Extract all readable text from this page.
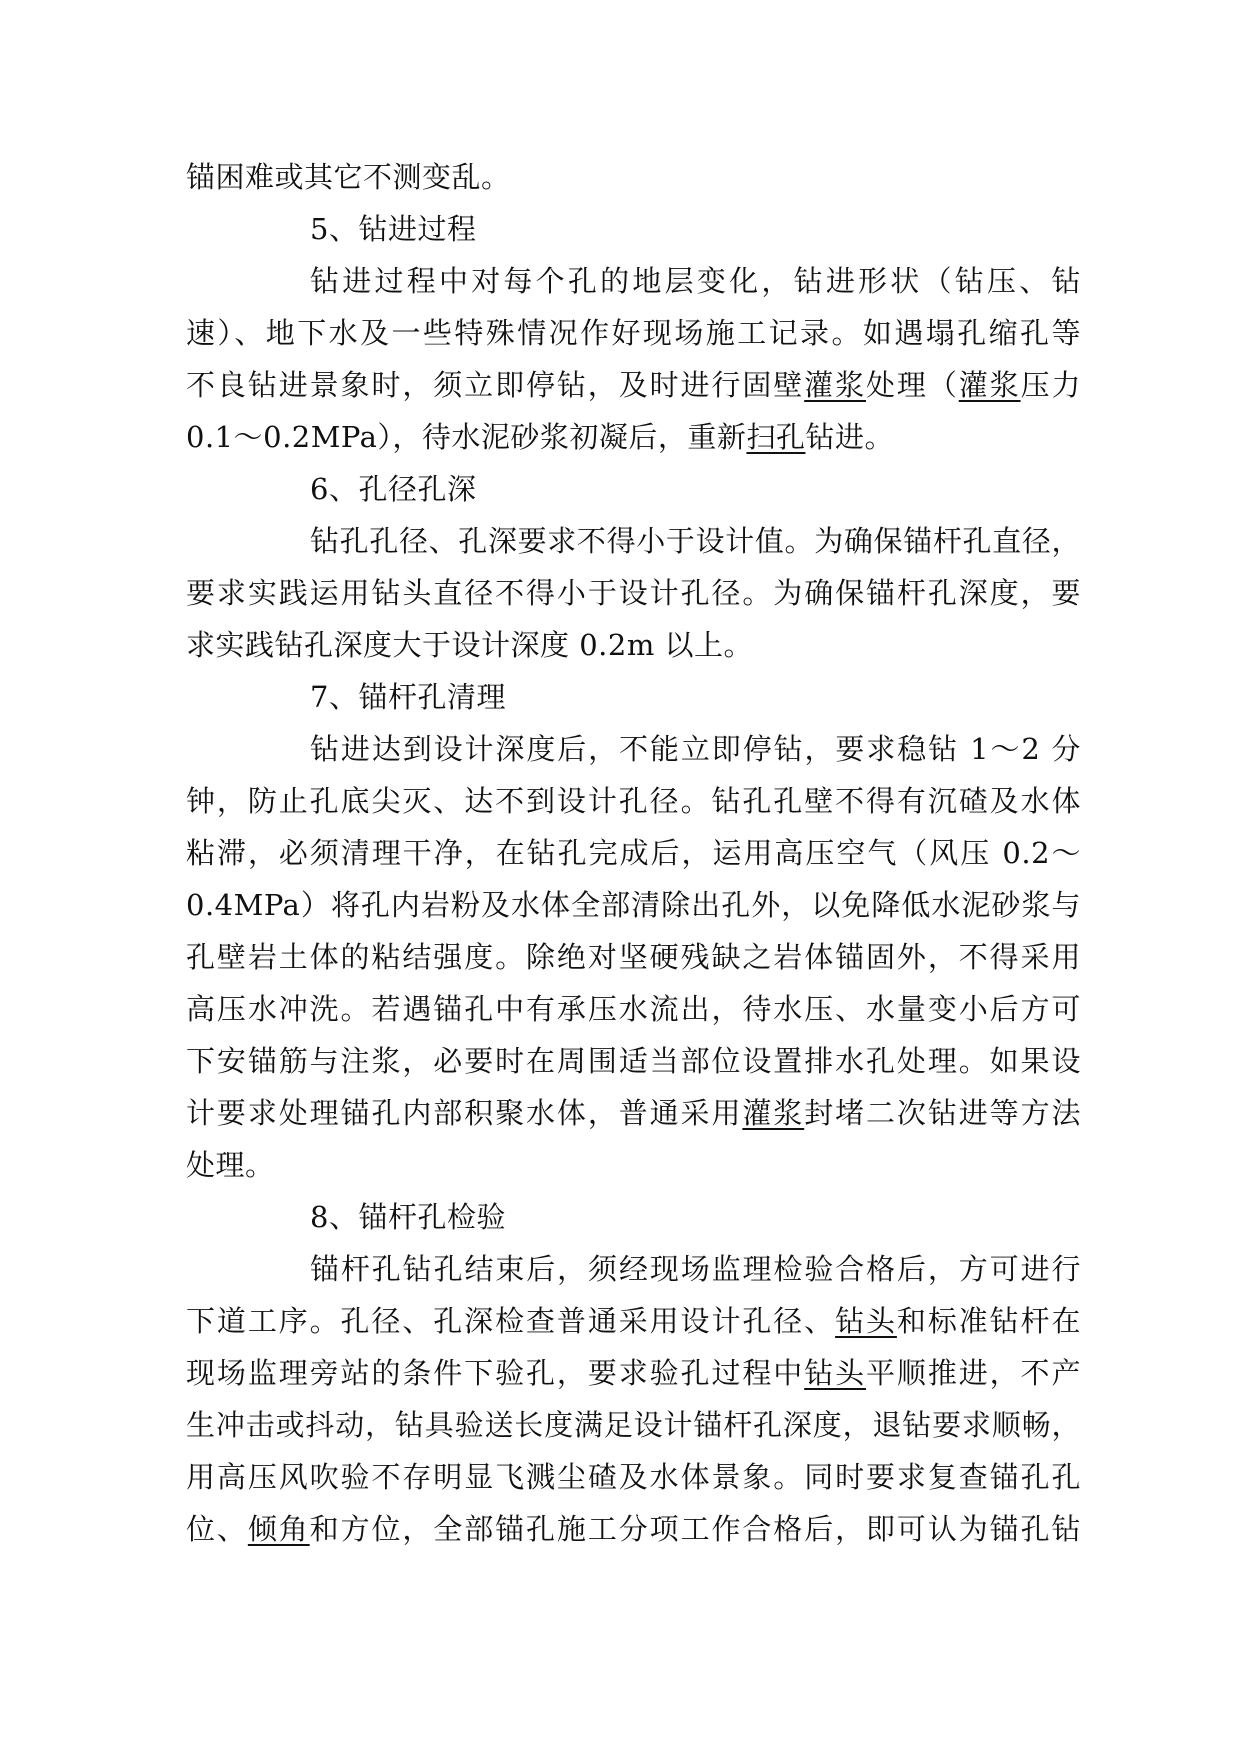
锚困难或其它不测变乱。
5、钻进过程
钻进过程中对每个孔的地层变化，钻进形状（钻压、钻
速）、地下水及一些特殊情况作好现场施工记录。如遇塌孔缩孔等
不良钻进景象时，须立即停钻，及时进行固壁灌浆处理（灌浆压力
0.1～0.2MPa），待水泥砂浆初凝后，重新扫孔钻进。
6、孔径孔深
钻孔孔径、孔深要求不得小于设计值。为确保锚杆孔直径，
要求实践运用钻头直径不得小于设计孔径。为确保锚杆孔深度，要
求实践钻孔深度大于设计深度 0.2m 以上。
7、锚杆孔清理
钻进达到设计深度后，不能立即停钻，要求稳钻 1～2 分
钟，防止孔底尖灭、达不到设计孔径。钻孔孔壁不得有沉碴及水体
粘滞，必须清理干净，在钻孔完成后，运用高压空气（风压 0.2～
0.4MPa）将孔内岩粉及水体全部清除出孔外，以免降低水泥砂浆与
孔壁岩土体的粘结强度。除绝对坚硬残缺之岩体锚固外，不得采用
高压水冲洗。若遇锚孔中有承压水流出，待水压、水量变小后方可
下安锚筋与注浆，必要时在周围适当部位设置排水孔处理。如果设
计要求处理锚孔内部积聚水体，普通采用灌浆封堵二次钻进等方法
处理。
8、锚杆孔检验
锚杆孔钻孔结束后，须经现场监理检验合格后，方可进行
下道工序。孔径、孔深检查普通采用设计孔径、钻头和标准钻杆在
现场监理旁站的条件下验孔，要求验孔过程中钻头平顺推进，不产
生冲击或抖动，钻具验送长度满足设计锚杆孔深度，退钻要求顺畅，
用高压风吹验不存明显飞溅尘碴及水体景象。同时要求复查锚孔孔
位、倾角和方位，全部锚孔施工分项工作合格后，即可认为锚孔钻
